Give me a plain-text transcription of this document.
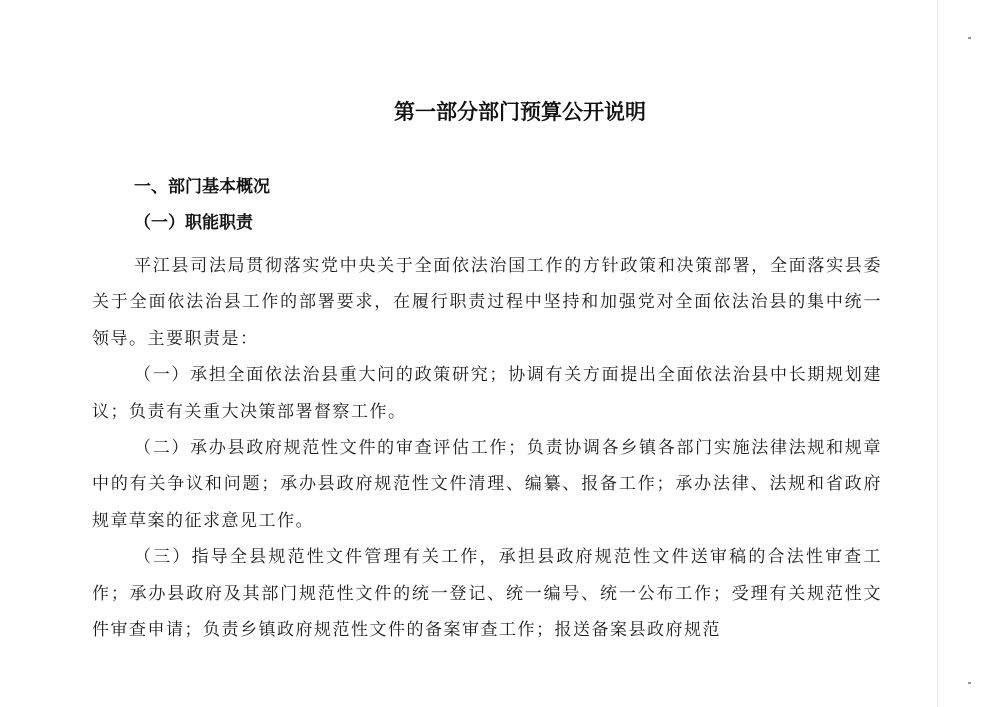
第一部分部门预算公开说明
一、部门基本概况
（一）职能职责

平江县司法局贯彻落实党中央关于全面依法治国工作的方针政策和决策部署，全面落实县委关于全面依法治县工作的部署要求，在履行职责过程中坚持和加强党对全面依法治县的集中统一领导。主要职责是：

（一）承担全面依法治县重大问的政策研究；协调有关方面提出全面依法治县中长期规划建议；负责有关重大决策部署督察工作。

（二）承办县政府规范性文件的审查评估工作；负责协调各乡镇各部门实施法律法规和规章中的有关争议和问题；承办县政府规范性文件清理、编纂、报备工作；承办法律、法规和省政府规章草案的征求意见工作。

（三）指导全县规范性文件管理有关工作，承担县政府规范性文件送审稿的合法性审查工作；承办县政府及其部门规范性文件的统一登记、统一编号、统一公布工作；受理有关规范性文件审查申请；负责乡镇政府规范性文件的备案审查工作；报送备案县政府规范
